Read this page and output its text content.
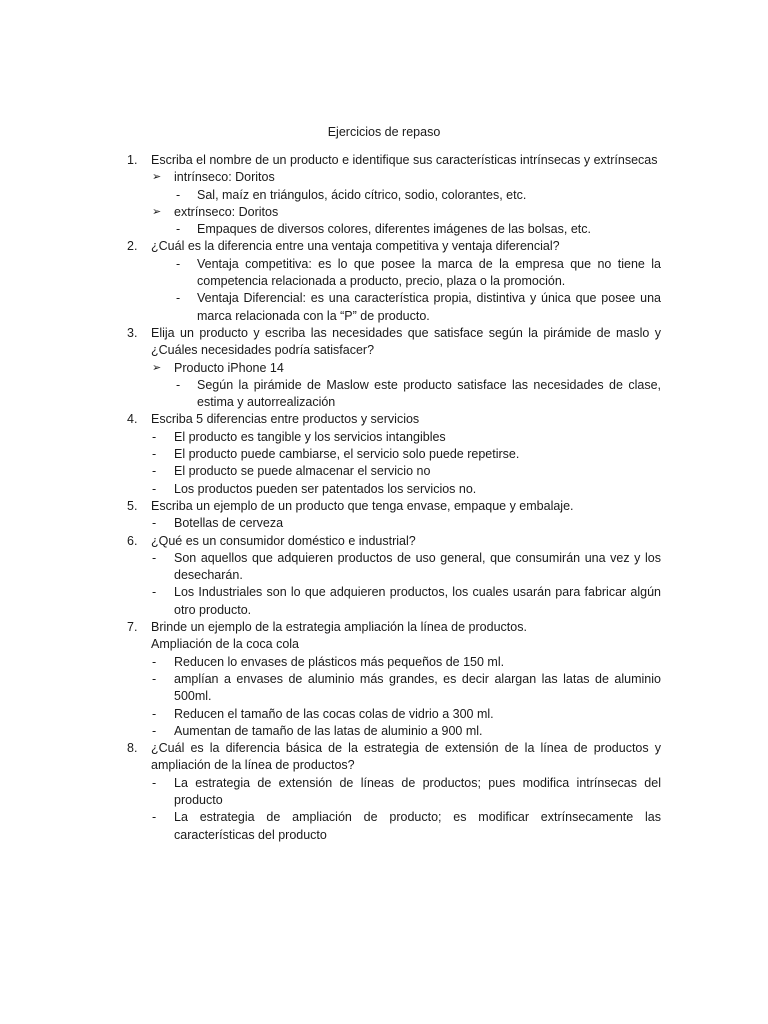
Ejercicios de repaso
1. Escriba el nombre de un producto e identifique sus características intrínsecas y extrínsecas
➢ intrínseco: Doritos
- Sal, maíz en triángulos, ácido cítrico, sodio, colorantes, etc.
➢ extrínseco: Doritos
- Empaques de diversos colores, diferentes imágenes de las bolsas, etc.
2. ¿Cuál es la diferencia entre una ventaja competitiva y ventaja diferencial?
- Ventaja competitiva: es lo que posee la marca de la empresa que no tiene la
competencia relacionada a producto, precio, plaza o la promoción.
- Ventaja Diferencial: es una característica propia, distintiva y única que posee una
marca relacionada con la “P” de producto.
3. Elija un producto y escriba las necesidades que satisface según la pirámide de maslo y
¿Cuáles necesidades podría satisfacer?
➢ Producto iPhone 14
- Según la pirámide de Maslow este producto satisface las necesidades de clase,
estima y autorrealización
4. Escriba 5 diferencias entre productos y servicios
- El producto es tangible y los servicios intangibles
- El producto puede cambiarse, el servicio solo puede repetirse.
- El producto se puede almacenar el servicio no
- Los productos pueden ser patentados los servicios no.
5. Escriba un ejemplo de un producto que tenga envase, empaque y embalaje.
- Botellas de cerveza
6. ¿Qué es un consumidor doméstico e industrial?
- Son aquellos que adquieren productos de uso general, que consumirán una vez y los
desecharán.
- Los Industriales son lo que adquieren productos, los cuales usarán para fabricar algún
otro producto.
7. Brinde un ejemplo de la estrategia ampliación la línea de productos.
Ampliación de la coca cola
- Reducen lo envases de plásticos más pequeños de 150 ml.
- amplían a envases de aluminio más grandes, es decir alargan las latas de aluminio
500ml.
- Reducen el tamaño de las cocas colas de vidrio a 300 ml.
- Aumentan de tamaño de las latas de aluminio a 900 ml.
8. ¿Cuál es la diferencia básica de la estrategia de extensión de la línea de productos y
ampliación de la línea de productos?
- La estrategia de extensión de líneas de productos; pues modifica intrínsecas del
producto
- La estrategia de ampliación de producto; es modificar extrínsecamente las
características del producto
